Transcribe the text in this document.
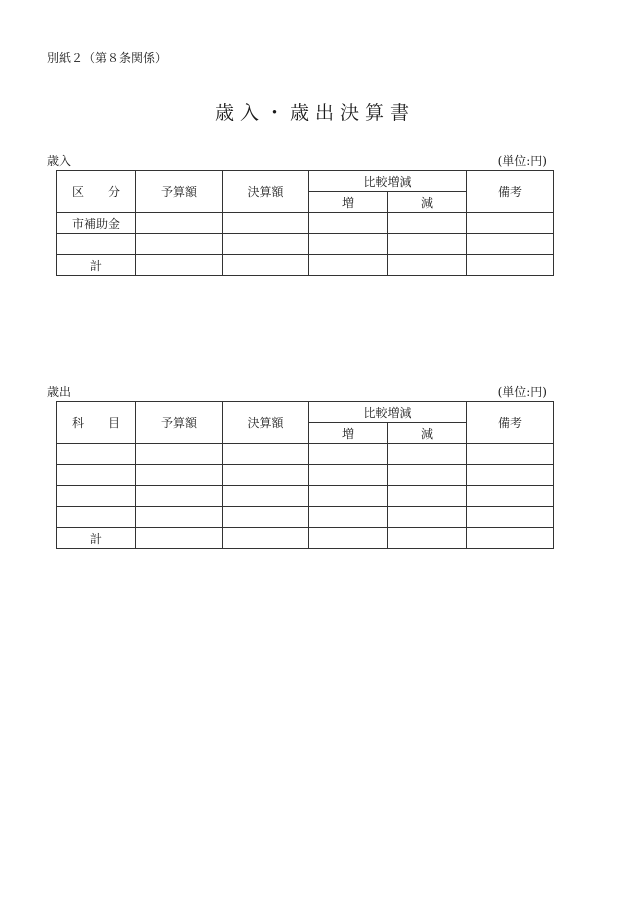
別紙２（第８条関係）
歳入・歳出決算書
歳入	(単位:円)
区　　分	予算額	決算額	比較増減		備考
			増	減	
市補助金					

計					
歳出	(単位:円)
科　　目	予算額	決算額	比較増減		備考
			増	減	

計					
